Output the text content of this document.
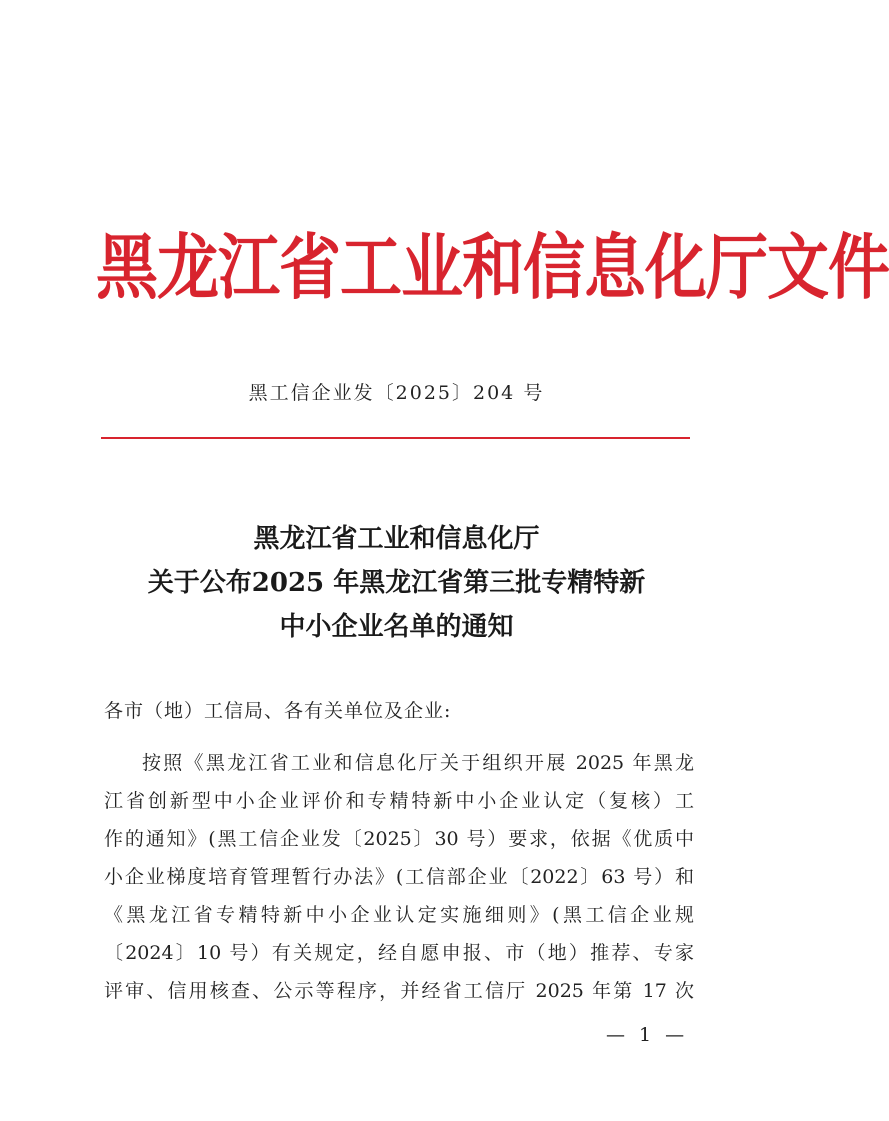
黑龙江省工业和信息化厅文件
黑工信企业发〔2025〕204 号
黑龙江省工业和信息化厅
关于公布2025 年黑龙江省第三批专精特新
中小企业名单的通知
各市（地）工信局、各有关单位及企业:
按照《黑龙江省工业和信息化厅关于组织开展 2025 年黑龙
江省创新型中小企业评价和专精特新中小企业认定（复核）工
作的通知》(黑工信企业发〔2025〕30 号）要求，依据《优质中
小企业梯度培育管理暂行办法》(工信部企业〔2022〕63 号）和
《黑龙江省专精特新中小企业认定实施细则》(黑工信企业规
〔2024〕10 号）有关规定，经自愿申报、市（地）推荐、专家
评审、信用核查、公示等程序，并经省工信厅 2025 年第 17 次
— 1 —
